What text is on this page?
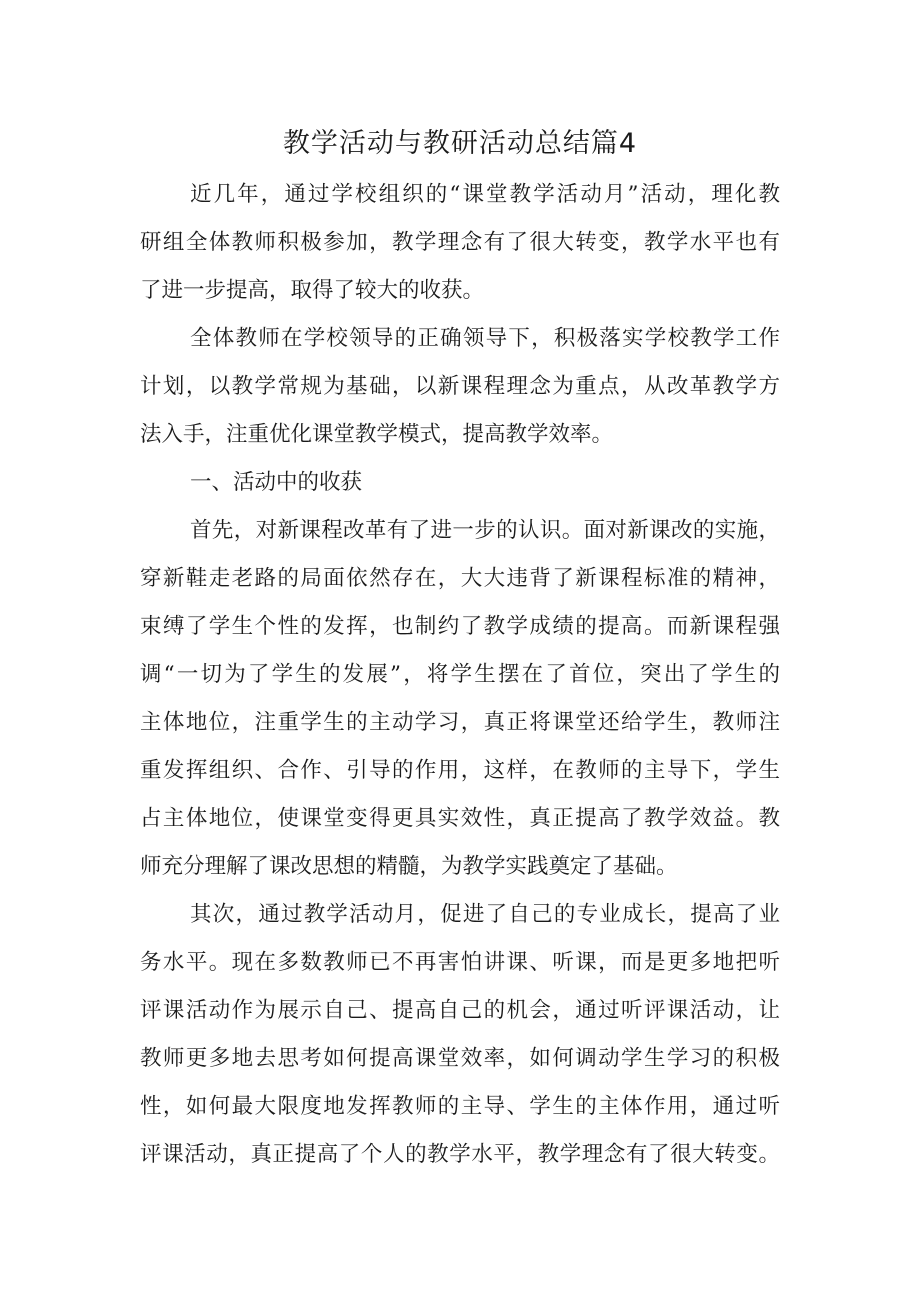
教学活动与教研活动总结篇4

近几年，通过学校组织的“课堂教学活动月”活动，理化教

研组全体教师积极参加，教学理念有了很大转变，教学水平也有

了进一步提高，取得了较大的收获。

全体教师在学校领导的正确领导下，积极落实学校教学工作

计划，以教学常规为基础，以新课程理念为重点，从改革教学方

法入手，注重优化课堂教学模式，提高教学效率。

一、活动中的收获

首先，对新课程改革有了进一步的认识。面对新课改的实施，

穿新鞋走老路的局面依然存在，大大违背了新课程标准的精神，

束缚了学生个性的发挥，也制约了教学成绩的提高。而新课程强

调“一切为了学生的发展”，将学生摆在了首位，突出了学生的

主体地位，注重学生的主动学习，真正将课堂还给学生，教师注

重发挥组织、合作、引导的作用，这样，在教师的主导下，学生

占主体地位，使课堂变得更具实效性，真正提高了教学效益。教

师充分理解了课改思想的精髓，为教学实践奠定了基础。

其次，通过教学活动月，促进了自己的专业成长，提高了业

务水平。现在多数教师已不再害怕讲课、听课，而是更多地把听

评课活动作为展示自己、提高自己的机会，通过听评课活动，让

教师更多地去思考如何提高课堂效率，如何调动学生学习的积极

性，如何最大限度地发挥教师的主导、学生的主体作用，通过听

评课活动，真正提高了个人的教学水平，教学理念有了很大转变。
